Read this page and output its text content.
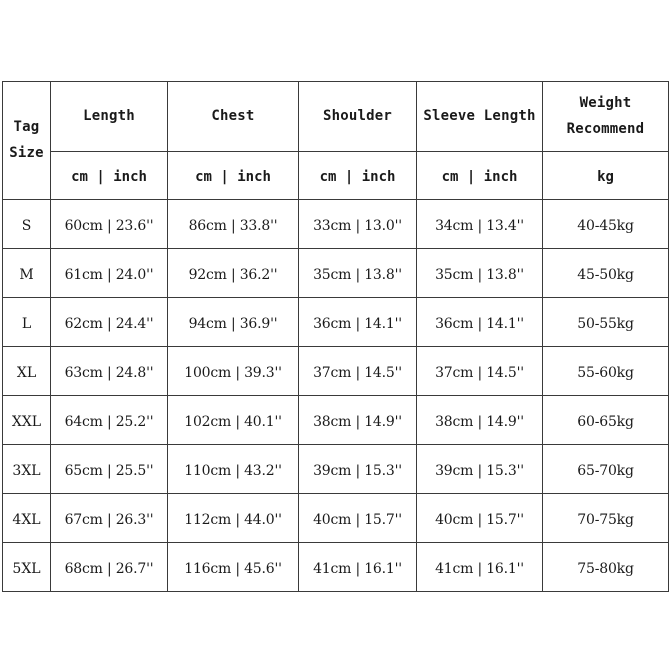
Tag Size	Length	Chest	Shoulder	Sleeve Length	Weight Recommend
	cm | inch	cm | inch	cm | inch	cm | inch	kg
S	60cm | 23.6''	86cm | 33.8''	33cm | 13.0''	34cm | 13.4''	40-45kg
M	61cm | 24.0''	92cm | 36.2''	35cm | 13.8''	35cm | 13.8''	45-50kg
L	62cm | 24.4''	94cm | 36.9''	36cm | 14.1''	36cm | 14.1''	50-55kg
XL	63cm | 24.8''	100cm | 39.3''	37cm | 14.5''	37cm | 14.5''	55-60kg
XXL	64cm | 25.2''	102cm | 40.1''	38cm | 14.9''	38cm | 14.9''	60-65kg
3XL	65cm | 25.5''	110cm | 43.2''	39cm | 15.3''	39cm | 15.3''	65-70kg
4XL	67cm | 26.3''	112cm | 44.0''	40cm | 15.7''	40cm | 15.7''	70-75kg
5XL	68cm | 26.7''	116cm | 45.6''	41cm | 16.1''	41cm | 16.1''	75-80kg
